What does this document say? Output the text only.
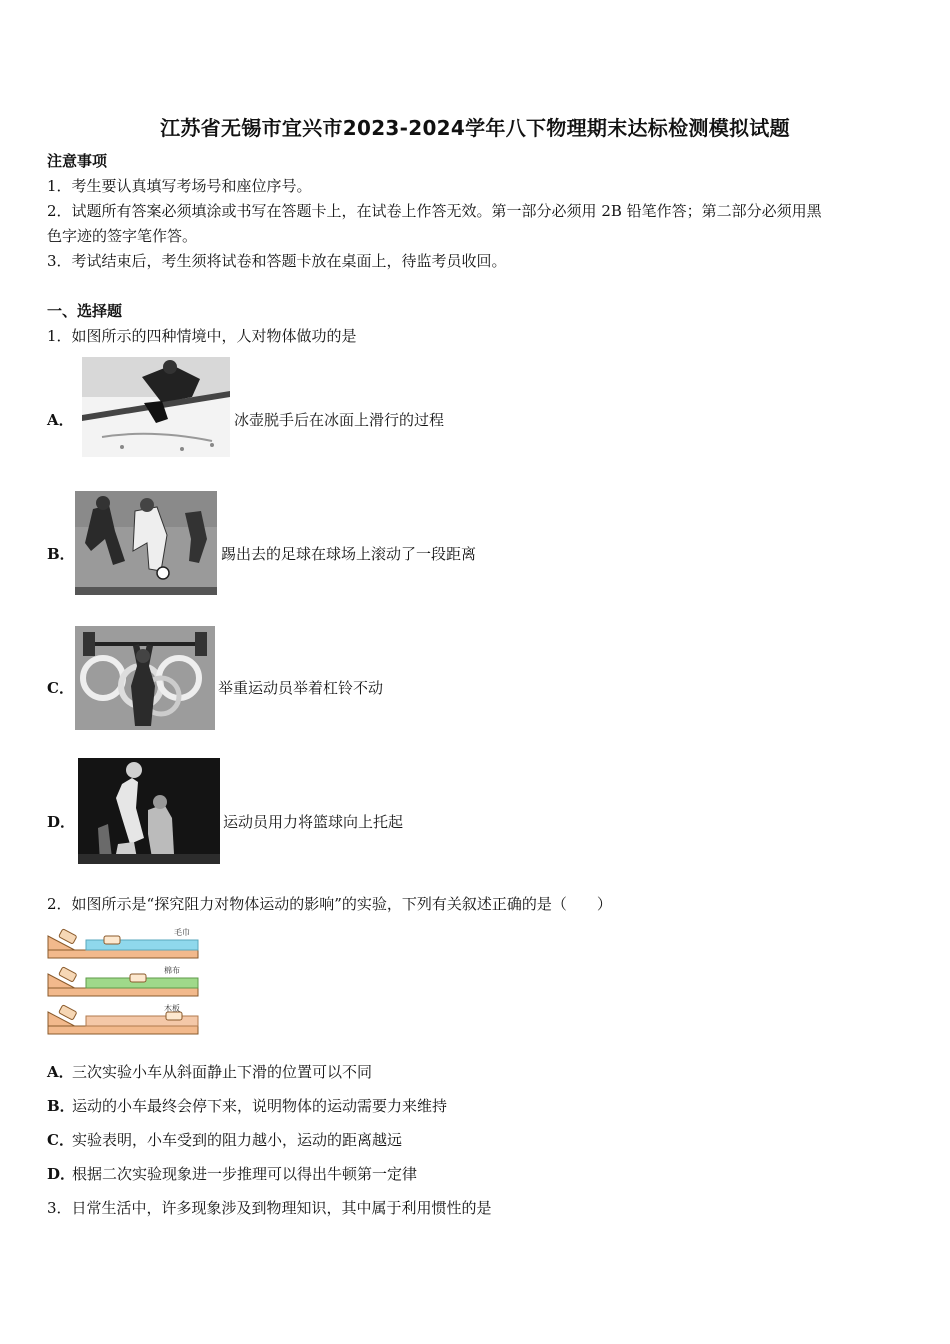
江苏省无锡市宜兴市2023-2024学年八下物理期末达标检测模拟试题
注意事项
1．考生要认真填写考场号和座位序号。
2．试题所有答案必须填涂或书写在答题卡上，在试卷上作答无效。第一部分必须用 2B 铅笔作答；第二部分必须用黑
色字迹的签字笔作答。
3．考试结束后，考生须将试卷和答题卡放在桌面上，待监考员收回。
一、选择题
1．如图所示的四种情境中，人对物体做功的是
A．	冰壶脱手后在冰面上滑行的过程
B．	踢出去的足球在球场上滚动了一段距离
C．	举重运动员举着杠铃不动
D．	运动员用力将篮球向上托起
2．如图所示是“探究阻力对物体运动的影响”的实验，下列有关叙述正确的是（　　）
毛巾
棉布
木板
A．
三次实验小车从斜面静止下滑的位置可以不同
B．
运动的小车最终会停下来，说明物体的运动需要力来维持
C．
实验表明，小车受到的阻力越小，运动的距离越远
D．
根据二次实验现象进一步推理可以得出牛顿第一定律
3．日常生活中，许多现象涉及到物理知识，其中属于利用惯性的是
